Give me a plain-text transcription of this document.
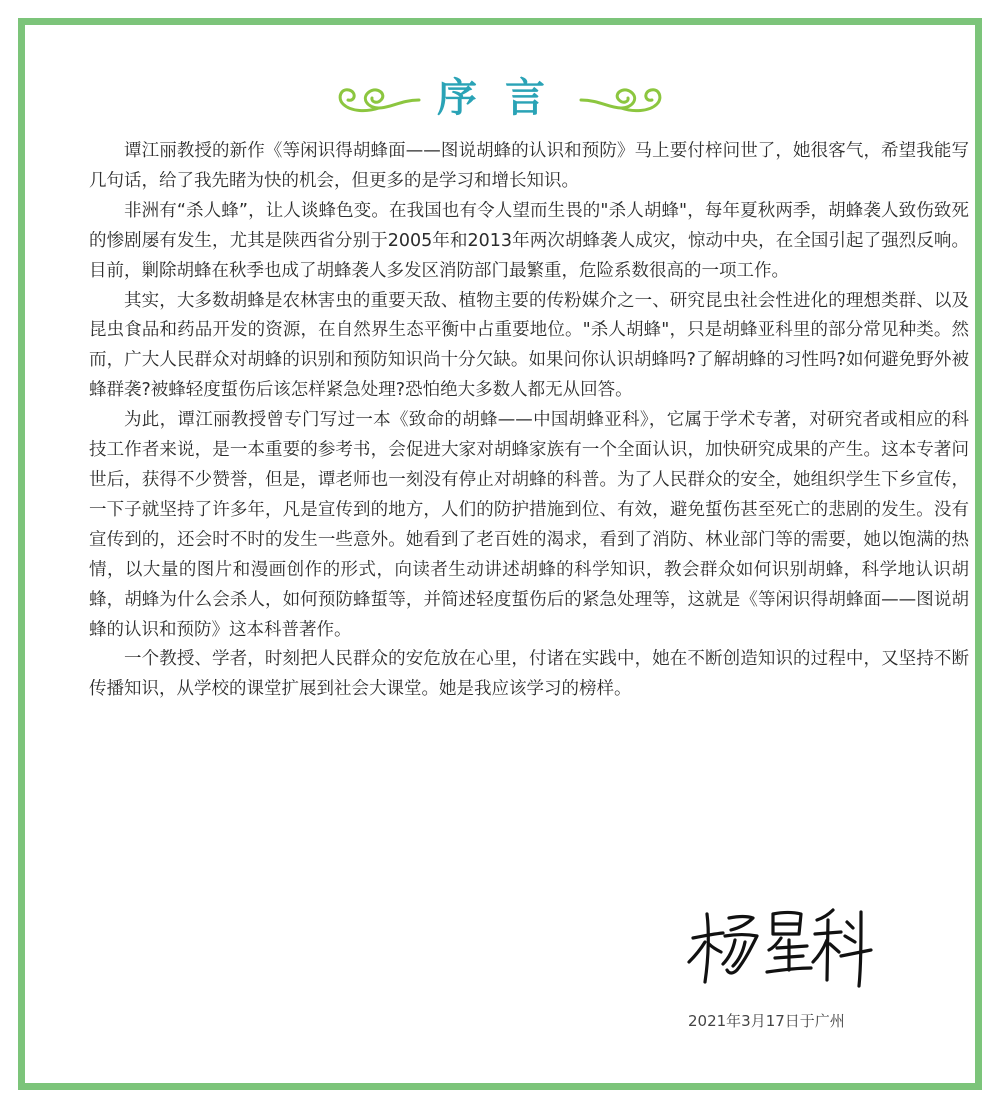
序言

谭江丽教授的新作《等闲识得胡蜂面——图说胡蜂的认识和预防》马上要付梓问世了，她很客气，希望我能写几句话，给了我先睹为快的机会，但更多的是学习和增长知识。

非洲有“杀人蜂”，让人谈蜂色变。在我国也有令人望而生畏的"杀人胡蜂"，每年夏秋两季，胡蜂袭人致伤致死的惨剧屡有发生，尤其是陕西省分别于2005年和2013年两次胡蜂袭人成灾，惊动中央，在全国引起了强烈反响。目前，剿除胡蜂在秋季也成了胡蜂袭人多发区消防部门最繁重，危险系数很高的一项工作。

其实，大多数胡蜂是农林害虫的重要天敌、植物主要的传粉媒介之一、研究昆虫社会性进化的理想类群、以及昆虫食品和药品开发的资源，在自然界生态平衡中占重要地位。"杀人胡蜂"，只是胡蜂亚科里的部分常见种类。然而，广大人民群众对胡蜂的识别和预防知识尚十分欠缺。如果问你认识胡蜂吗?了解胡蜂的习性吗?如何避免野外被蜂群袭?被蜂轻度蜇伤后该怎样紧急处理?恐怕绝大多数人都无从回答。

为此，谭江丽教授曾专门写过一本《致命的胡蜂——中国胡蜂亚科》，它属于学术专著，对研究者或相应的科技工作者来说，是一本重要的参考书，会促进大家对胡蜂家族有一个全面认识，加快研究成果的产生。这本专著问世后，获得不少赞誉，但是，谭老师也一刻没有停止对胡蜂的科普。为了人民群众的安全，她组织学生下乡宣传，一下子就坚持了许多年，凡是宣传到的地方，人们的防护措施到位、有效，避免蜇伤甚至死亡的悲剧的发生。没有宣传到的，还会时不时的发生一些意外。她看到了老百姓的渴求，看到了消防、林业部门等的需要，她以饱满的热情，以大量的图片和漫画创作的形式，向读者生动讲述胡蜂的科学知识，教会群众如何识别胡蜂，科学地认识胡蜂，胡蜂为什么会杀人，如何预防蜂蜇等，并简述轻度蜇伤后的紧急处理等，这就是《等闲识得胡蜂面——图说胡蜂的认识和预防》这本科普著作。

一个教授、学者，时刻把人民群众的安危放在心里，付诸在实践中，她在不断创造知识的过程中，又坚持不断传播知识，从学校的课堂扩展到社会大课堂。她是我应该学习的榜样。

2021年3月17日于广州
